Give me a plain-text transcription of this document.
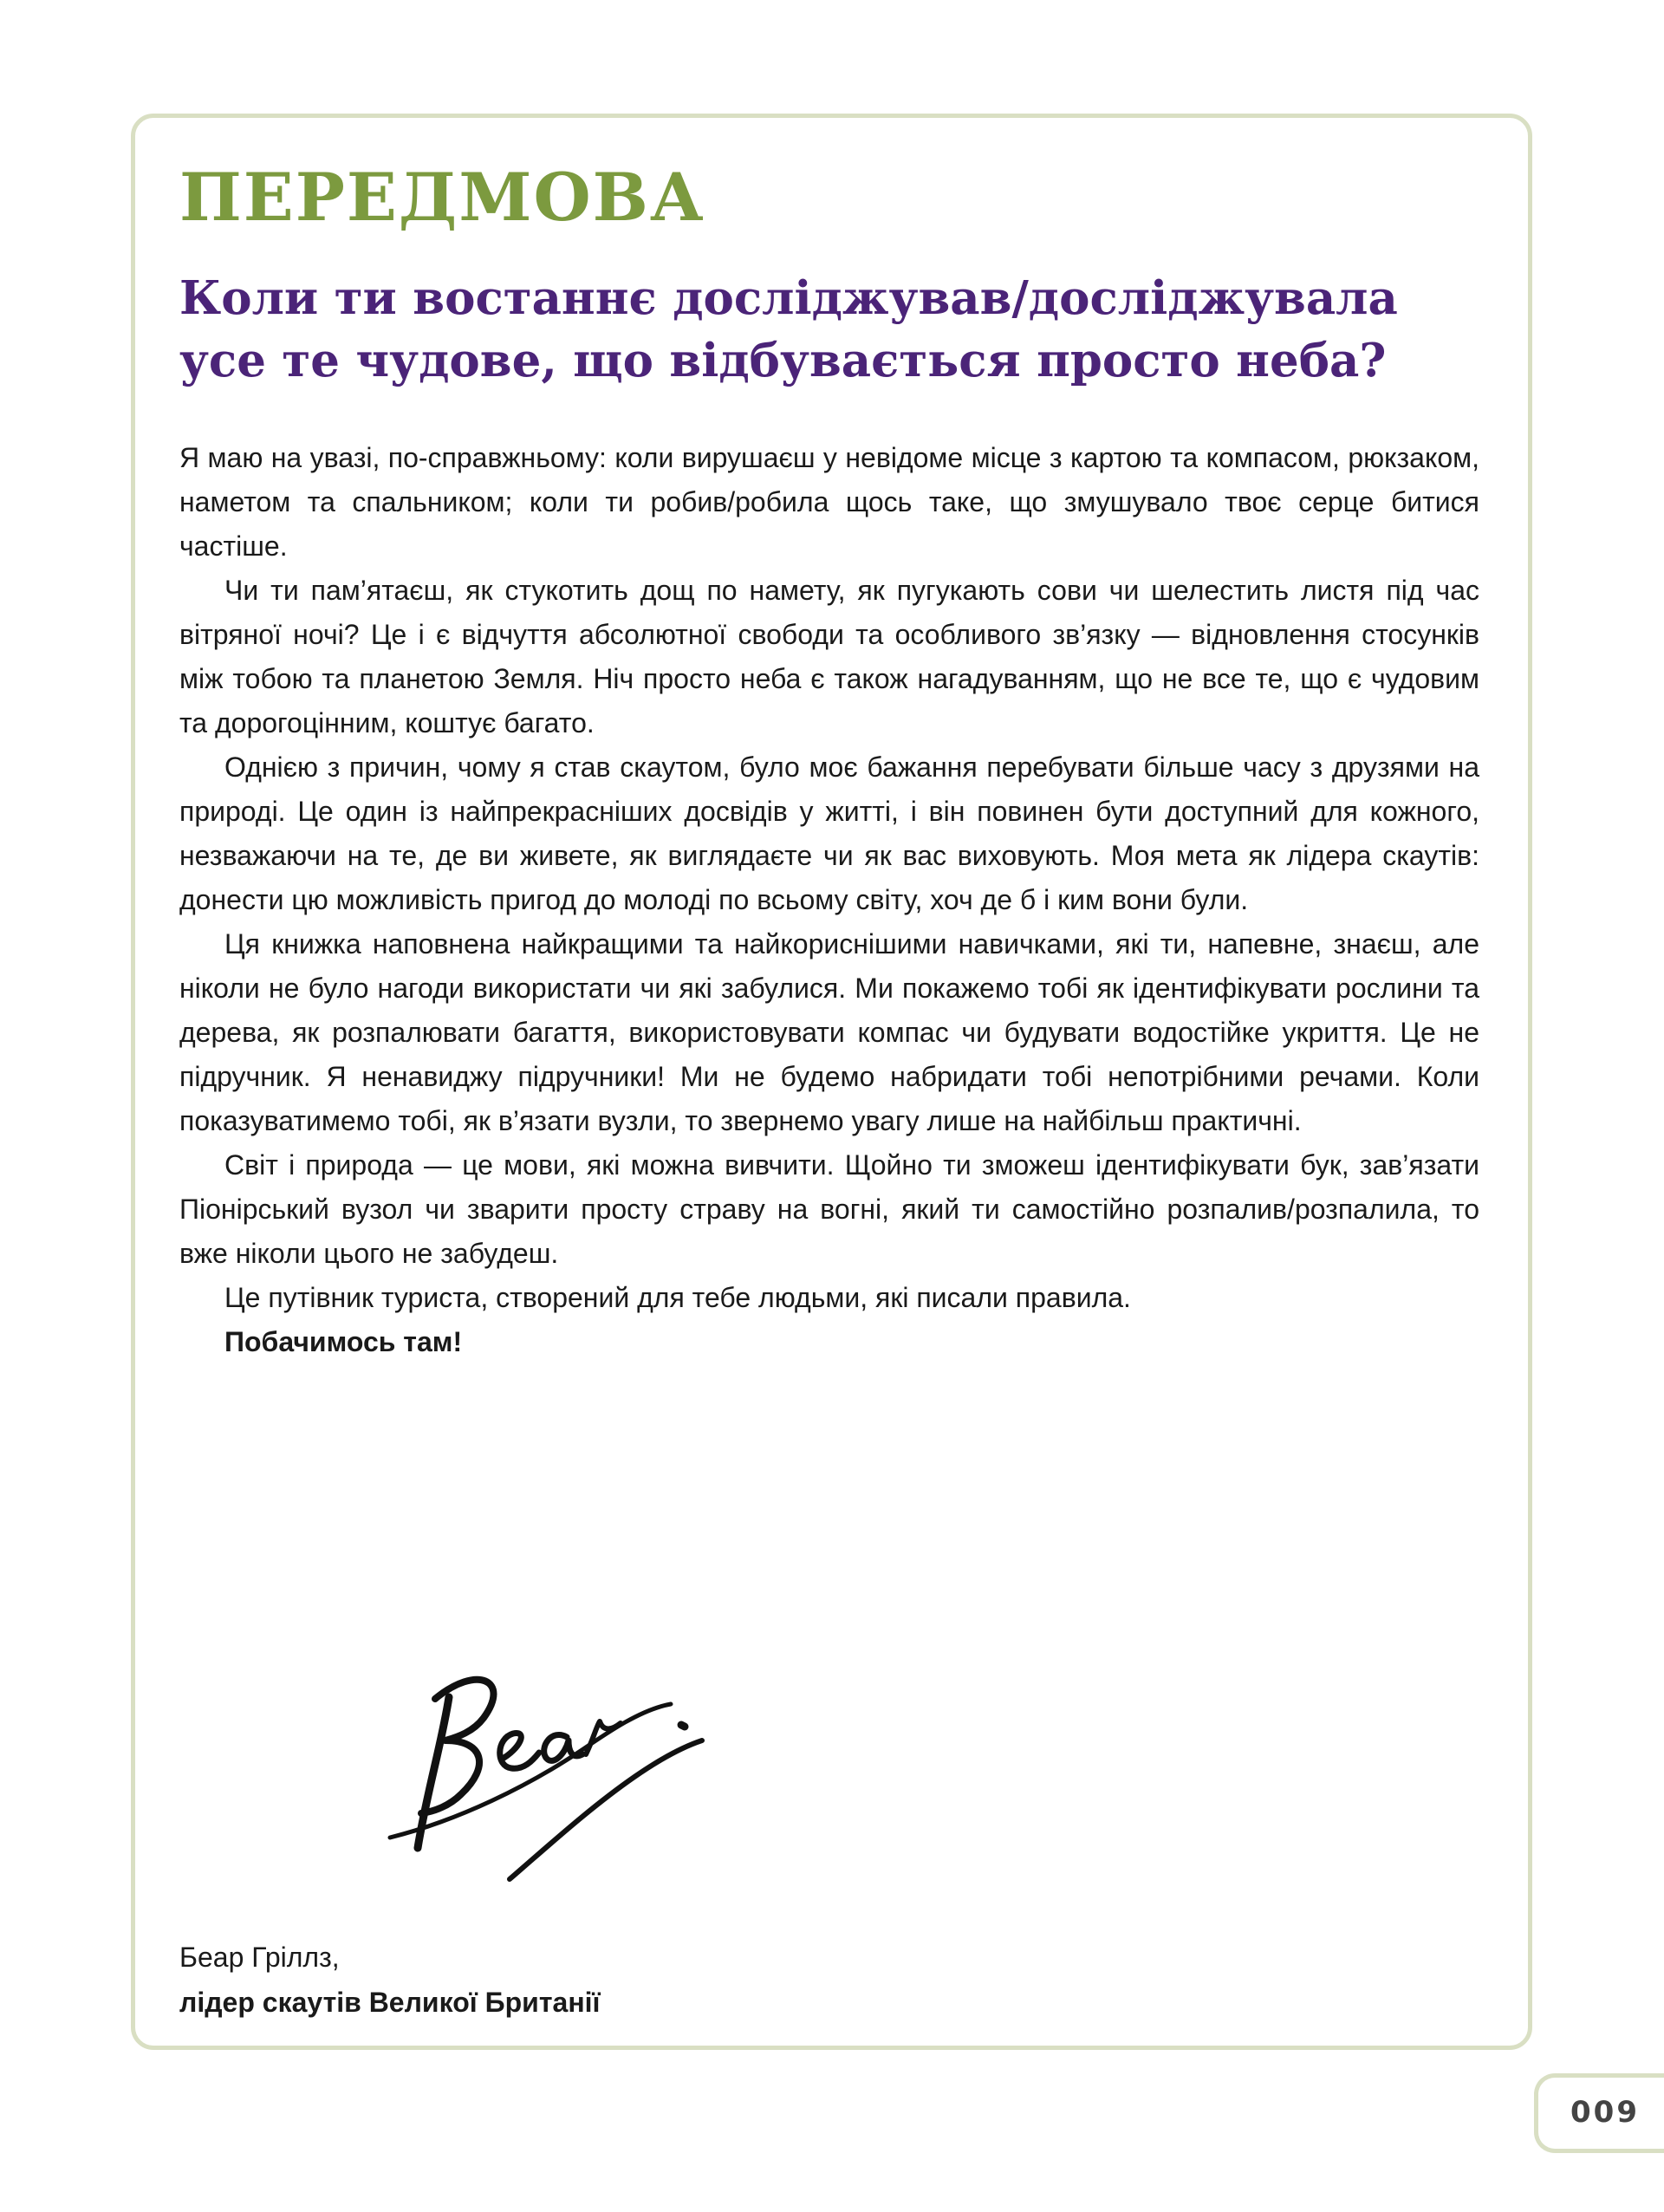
ПЕРЕДМОВА
Коли ти востаннє досліджував/досліджувала усе те чудове, що відбувається просто неба?

Я маю на увазі, по-справжньому: коли вирушаєш у невідоме місце з картою та компасом, рюкзаком, наметом та спальником; коли ти робив/робила щось таке, що змушувало твоє серце битися частіше.

Чи ти пам’ятаєш, як стукотить дощ по намету, як пугукають сови чи шелестить листя під час вітряної ночі? Це і є відчуття абсолютної свободи та особливого зв’язку — відновлення стосунків між тобою та планетою Земля. Ніч просто неба є також нагадуванням, що не все те, що є чудовим та дорогоцінним, коштує багато.

Однією з причин, чому я став скаутом, було моє бажання перебувати більше часу з друзями на природі. Це один із найпрекрасніших досвідів у житті, і він повинен бути доступний для кожного, незважаючи на те, де ви живете, як виглядаєте чи як вас виховують. Моя мета як лідера скаутів: донести цю можливість пригод до молоді по всьому світу, хоч де б і ким вони були.

Ця книжка наповнена найкращими та найкориснішими навичками, які ти, напевне, знаєш, але ніколи не було нагоди використати чи які забулися. Ми покажемо тобі як ідентифікувати рослини та дерева, як розпалювати багаття, використовувати компас чи будувати водостійке укриття. Це не підручник. Я ненавиджу підручники! Ми не будемо набридати тобі непотрібними речами. Коли показуватимемо тобі, як в’язати вузли, то звернемо увагу лише на найбільш практичні.

Світ і природа — це мови, які можна вивчити. Щойно ти зможеш ідентифікувати бук, зав’язати Піонірський вузол чи зварити просту страву на вогні, який ти самостійно розпалив/розпалила, то вже ніколи цього не забудеш.

Це путівник туриста, створений для тебе людьми, які писали правила.

Побачимось там!

Беар Гріллз,
лідер скаутів Великої Британії
009
